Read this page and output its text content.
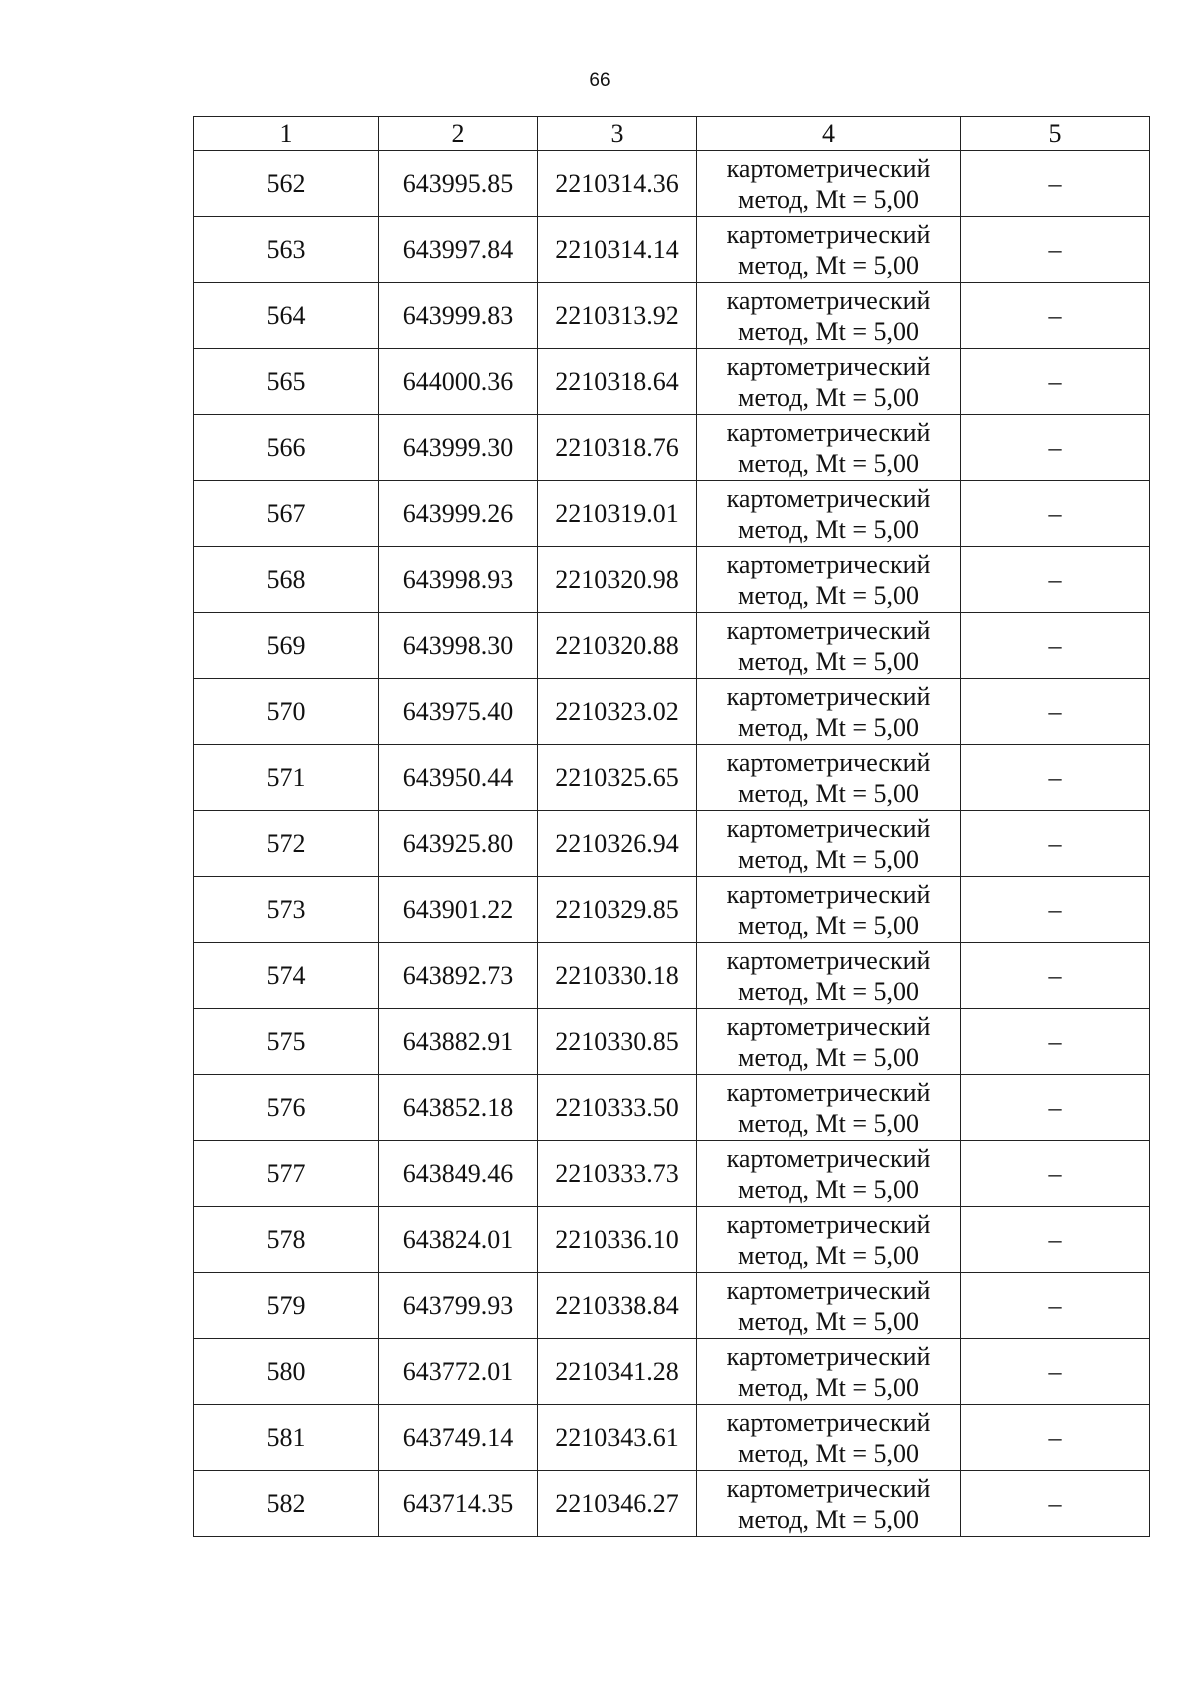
66
1	2	3	4	5
562	643995.85	2210314.36	картометрический
метод, Mt = 5,00	–
563	643997.84	2210314.14	картометрический
метод, Mt = 5,00	–
564	643999.83	2210313.92	картометрический
метод, Mt = 5,00	–
565	644000.36	2210318.64	картометрический
метод, Mt = 5,00	–
566	643999.30	2210318.76	картометрический
метод, Mt = 5,00	–
567	643999.26	2210319.01	картометрический
метод, Mt = 5,00	–
568	643998.93	2210320.98	картометрический
метод, Mt = 5,00	–
569	643998.30	2210320.88	картометрический
метод, Mt = 5,00	–
570	643975.40	2210323.02	картометрический
метод, Mt = 5,00	–
571	643950.44	2210325.65	картометрический
метод, Mt = 5,00	–
572	643925.80	2210326.94	картометрический
метод, Mt = 5,00	–
573	643901.22	2210329.85	картометрический
метод, Mt = 5,00	–
574	643892.73	2210330.18	картометрический
метод, Mt = 5,00	–
575	643882.91	2210330.85	картометрический
метод, Mt = 5,00	–
576	643852.18	2210333.50	картометрический
метод, Mt = 5,00	–
577	643849.46	2210333.73	картометрический
метод, Mt = 5,00	–
578	643824.01	2210336.10	картометрический
метод, Mt = 5,00	–
579	643799.93	2210338.84	картометрический
метод, Mt = 5,00	–
580	643772.01	2210341.28	картометрический
метод, Mt = 5,00	–
581	643749.14	2210343.61	картометрический
метод, Mt = 5,00	–
582	643714.35	2210346.27	картометрический
метод, Mt = 5,00	–
